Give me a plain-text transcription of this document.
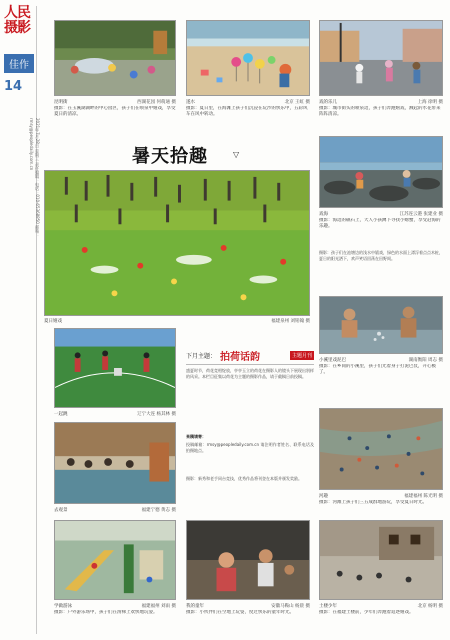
人民
摄影
佳作
14
2021年7月28日 星期三 责任编辑：电话：010-65368850 邮箱：rmsy@peopledaily.com.cn
昆明街	西湖花园 何萌通 摄
摄影：在玉溪湖湖畔的中心园区，孩子们在喷泉中嬉戏，享受夏日的清凉。
遂水	北京 王虹 摄
摄影：夏日里，在海滩上孩子们沉浸在玩沙的快乐中，五彩风车在风中转动。
戏的乐儿	上海 徐明 摄
摄影：城市街头的喷泉边，孩子们奔跑嬉戏，溅起的水花带来阵阵清凉。
暑天拾趣	▽
夏日嬉戏	福建泉州 刘铭翰 摄
戏海	江苏连云港 张建业 摄
摄影：海边的礁石上，大人小孩蹲下寻找小螃蟹，享受赶海的乐趣。
摄影：孩子们在池塘边的浅水中嬉戏，绿色的水面上漂浮着点点木桩，夏日的阳光洒下，欢声笑语回荡在田野间。
小溪里戏泥巴	湖南衡阳 周志 摄
摄影：在乡间的小溪里，孩子们光着身子打泥巴仗，开心极了。
河趣	福建福州 陈光明 摄
摄影：河滩上孩子们三五成群地游玩，享受夏日时光。
一起跳	辽宁大连 杨其林 摄
去观景	福建宁德 黄志 摄
下月主题： 拍荷话韵	主题月刊
盛夏时节，荷花竞相绽放，亭亭玉立的荷花在摄影人的镜头下展现出别样的风采。本栏目征集以荷花为主题的摄影作品，请于截稿日前投稿。
来稿请寄：
投稿邮箱：rmsy@peopledaily.com.cn 请注明作者姓名、联系电话及拍摄地点。
摄影：新秀和老手同台竞技，优秀作品将刊登在本版并颁发奖励。
学做游泳	福建福州 刘雨 摄
摄影：户外游乐场中，孩子们在滑梯上欢快地玩耍。
我的童年	安徽马鞍山 杨晨 摄
摄影：小伙伴们在空地上玩耍，度过快乐的童年时光。
土楼少年	北京 杨明 摄
摄影：在福建土楼前，少年们奔跑着追逐嬉戏。
